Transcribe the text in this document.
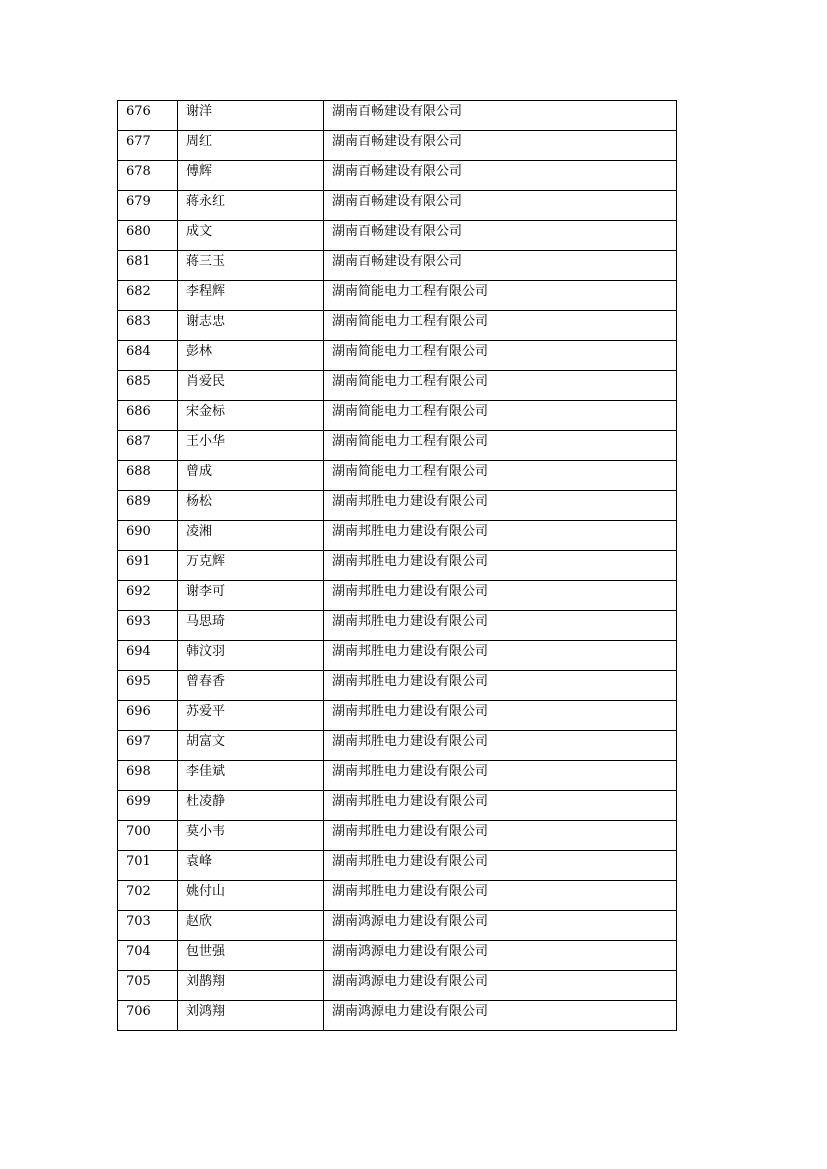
676	谢洋	湖南百畅建设有限公司
677	周红	湖南百畅建设有限公司
678	傅辉	湖南百畅建设有限公司
679	蒋永红	湖南百畅建设有限公司
680	成文	湖南百畅建设有限公司
681	蒋三玉	湖南百畅建设有限公司
682	李程辉	湖南简能电力工程有限公司
683	谢志忠	湖南简能电力工程有限公司
684	彭林	湖南简能电力工程有限公司
685	肖爱民	湖南简能电力工程有限公司
686	宋金标	湖南简能电力工程有限公司
687	王小华	湖南简能电力工程有限公司
688	曾成	湖南简能电力工程有限公司
689	杨松	湖南邦胜电力建设有限公司
690	凌湘	湖南邦胜电力建设有限公司
691	万克辉	湖南邦胜电力建设有限公司
692	谢李可	湖南邦胜电力建设有限公司
693	马思琦	湖南邦胜电力建设有限公司
694	韩汶羽	湖南邦胜电力建设有限公司
695	曾春香	湖南邦胜电力建设有限公司
696	苏爱平	湖南邦胜电力建设有限公司
697	胡富文	湖南邦胜电力建设有限公司
698	李佳斌	湖南邦胜电力建设有限公司
699	杜凌静	湖南邦胜电力建设有限公司
700	莫小韦	湖南邦胜电力建设有限公司
701	袁峰	湖南邦胜电力建设有限公司
702	姚付山	湖南邦胜电力建设有限公司
703	赵欣	湖南鸿源电力建设有限公司
704	包世强	湖南鸿源电力建设有限公司
705	刘鹊翔	湖南鸿源电力建设有限公司
706	刘鸿翔	湖南鸿源电力建设有限公司
